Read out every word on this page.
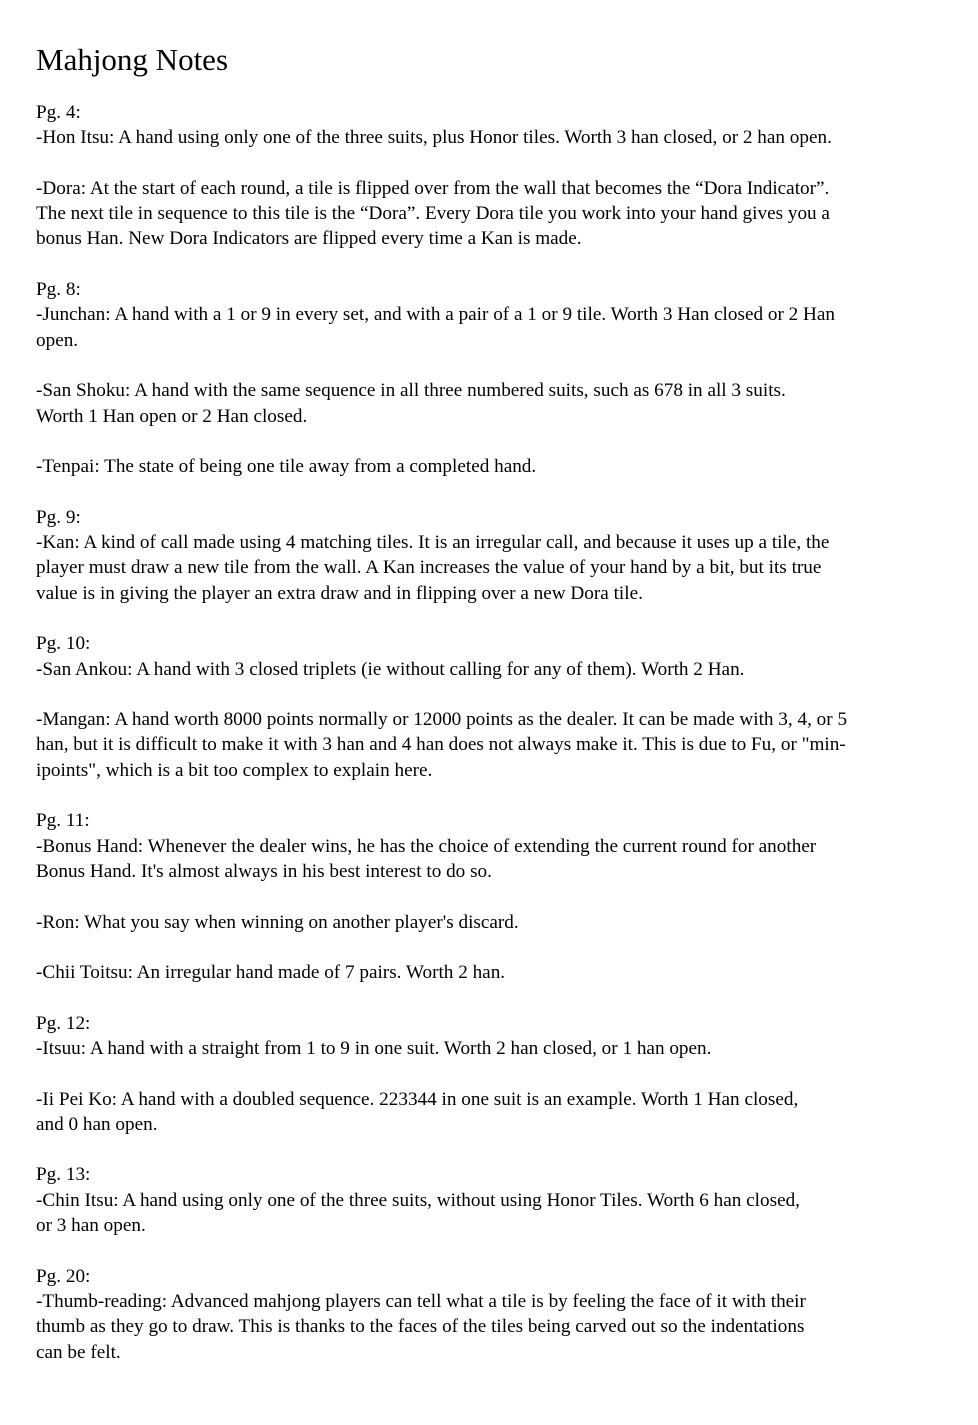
Mahjong Notes
Pg. 4:
-Hon Itsu: A hand using only one of the three suits, plus Honor tiles. Worth 3 han closed, or 2 han open.
-Dora: At the start of each round, a tile is flipped over from the wall that becomes the “Dora Indicator”.
The next tile in sequence to this tile is the “Dora”. Every Dora tile you work into your hand gives you a
bonus Han. New Dora Indicators are flipped every time a Kan is made.
Pg. 8:
-Junchan: A hand with a 1 or 9 in every set, and with a pair of a 1 or 9 tile. Worth 3 Han closed or 2 Han
open.
-San Shoku: A hand with the same sequence in all three numbered suits, such as 678 in all 3 suits.
Worth 1 Han open or 2 Han closed.
-Tenpai: The state of being one tile away from a completed hand.
Pg. 9:
-Kan: A kind of call made using 4 matching tiles. It is an irregular call, and because it uses up a tile, the
player must draw a new tile from the wall. A Kan increases the value of your hand by a bit, but its true
value is in giving the player an extra draw and in flipping over a new Dora tile.
Pg. 10:
-San Ankou: A hand with 3 closed triplets (ie without calling for any of them). Worth 2 Han.
-Mangan: A hand worth 8000 points normally or 12000 points as the dealer. It can be made with 3, 4, or 5
han, but it is difficult to make it with 3 han and 4 han does not always make it. This is due to Fu, or "min-
ipoints", which is a bit too complex to explain here.
Pg. 11:
-Bonus Hand: Whenever the dealer wins, he has the choice of extending the current round for another
Bonus Hand. It's almost always in his best interest to do so.
-Ron: What you say when winning on another player's discard.
-Chii Toitsu: An irregular hand made of 7 pairs. Worth 2 han.
Pg. 12:
-Itsuu: A hand with a straight from 1 to 9 in one suit. Worth 2 han closed, or 1 han open.
-Ii Pei Ko: A hand with a doubled sequence. 223344 in one suit is an example. Worth 1 Han closed,
and 0 han open.
Pg. 13:
-Chin Itsu: A hand using only one of the three suits, without using Honor Tiles. Worth 6 han closed,
or 3 han open.
Pg. 20:
-Thumb-reading: Advanced mahjong players can tell what a tile is by feeling the face of it with their
thumb as they go to draw. This is thanks to the faces of the tiles being carved out so the indentations
can be felt.
